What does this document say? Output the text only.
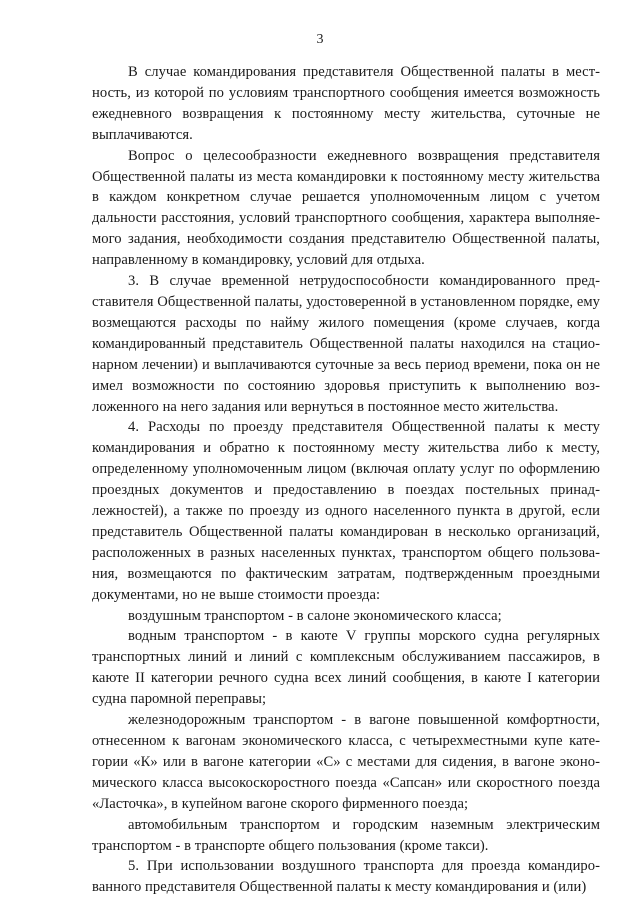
3

В случае командирования представителя Общественной палаты в местность, из которой по условиям транспортного сообщения имеется возможность ежедневного возвращения к постоянному месту жительства, суточные не выплачиваются.

Вопрос о целесообразности ежедневного возвращения представителя Общественной палаты из места командировки к постоянному месту жительства в каждом конкретном случае решается уполномоченным лицом с учетом дальности расстояния, условий транспортного сообщения, характера выполняемого задания, необходимости создания представителю Общественной палаты, направленному в командировку, условий для отдыха.

3. В случае временной нетрудоспособности командированного представителя Общественной палаты, удостоверенной в установленном порядке, ему возмещаются расходы по найму жилого помещения (кроме случаев, когда командированный представитель Общественной палаты находился на стационарном лечении) и выплачиваются суточные за весь период времени, пока он не имел возможности по состоянию здоровья приступить к выполнению возложенного на него задания или вернуться в постоянное место жительства.

4. Расходы по проезду представителя Общественной палаты к месту командирования и обратно к постоянному месту жительства либо к месту, определенному уполномоченным лицом (включая оплату услуг по оформлению проездных документов и предоставлению в поездах постельных принадлежностей), а также по проезду из одного населенного пункта в другой, если представитель Общественной палаты командирован в несколько организаций, расположенных в разных населенных пунктах, транспортом общего пользования, возмещаются по фактическим затратам, подтвержденным проездными документами, но не выше стоимости проезда:

воздушным транспортом - в салоне экономического класса;

водным транспортом - в каюте V группы морского судна регулярных транспортных линий и линий с комплексным обслуживанием пассажиров, в каюте II категории речного судна всех линий сообщения, в каюте I категории судна паромной переправы;

железнодорожным транспортом - в вагоне повышенной комфортности, отнесенном к вагонам экономического класса, с четырехместными купе категории «К» или в вагоне категории «С» с местами для сидения, в вагоне экономического класса высокоскоростного поезда «Сапсан» или скоростного поезда «Ласточка», в купейном вагоне скорого фирменного поезда;

автомобильным транспортом и городским наземным электрическим транспортом - в транспорте общего пользования (кроме такси).

5. При использовании воздушного транспорта для проезда командированного представителя Общественной палаты к месту командирования и (или)
